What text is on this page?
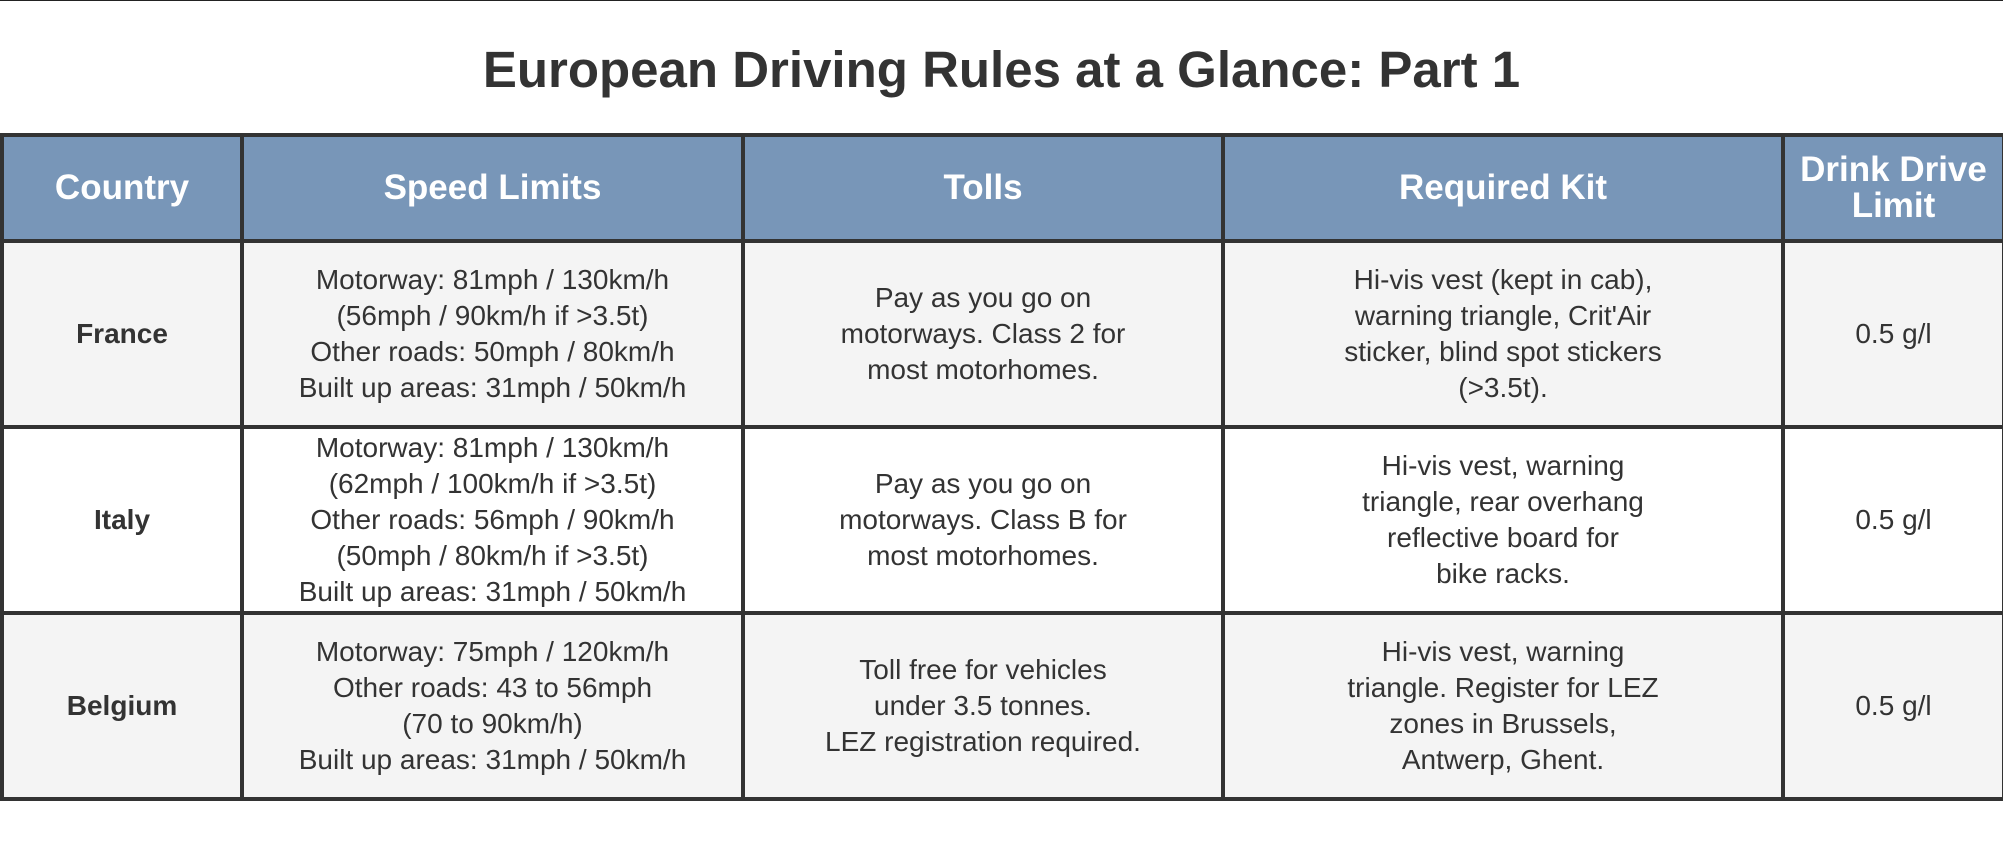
European Driving Rules at a Glance: Part 1
Country	Speed Limits	Tolls	Required Kit	Drink Drive
Limit

France	Motorway: 81mph / 130km/h
(56mph / 90km/h if >3.5t)
Other roads: 50mph / 80km/h
Built up areas: 31mph / 50km/h	Pay as you go on
motorways. Class 2 for
most motorhomes.	Hi-vis vest (kept in cab),
warning triangle, Crit'Air
sticker, blind spot stickers
(>3.5t).	0.5 g/l
Italy	Motorway: 81mph / 130km/h
(62mph / 100km/h if >3.5t)
Other roads: 56mph / 90km/h
(50mph / 80km/h if >3.5t)
Built up areas: 31mph / 50km/h	Pay as you go on
motorways. Class B for
most motorhomes.	Hi-vis vest, warning
triangle, rear overhang
reflective board for
bike racks.	0.5 g/l
Belgium	Motorway: 75mph / 120km/h
Other roads: 43 to 56mph
(70 to 90km/h)
Built up areas: 31mph / 50km/h	Toll free for vehicles
under 3.5 tonnes.
LEZ registration required.	Hi-vis vest, warning
triangle. Register for LEZ
zones in Brussels,
Antwerp, Ghent.	0.5 g/l
